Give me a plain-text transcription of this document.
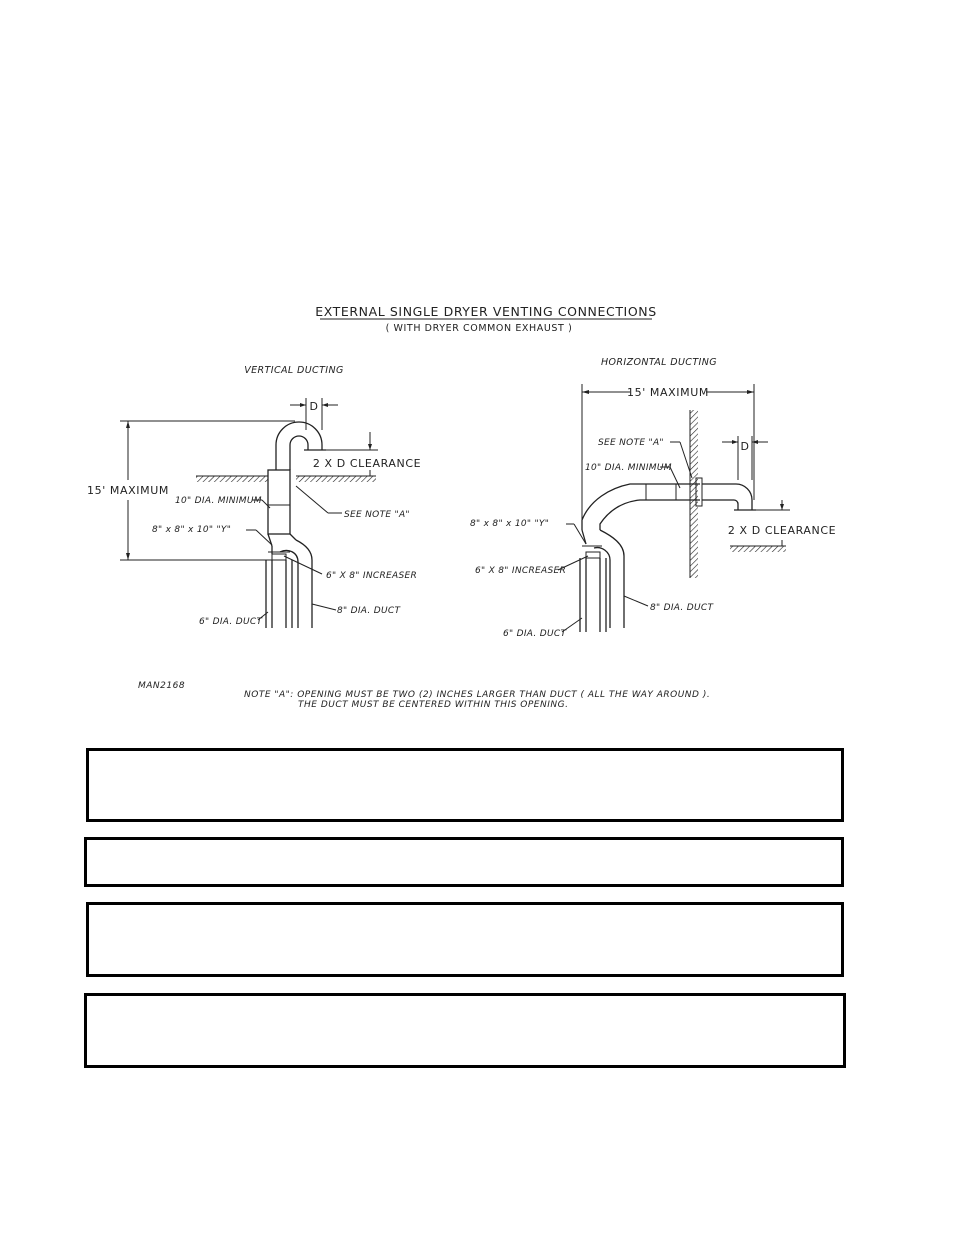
EXTERNAL SINGLE DRYER VENTING CONNECTIONS
( WITH DRYER COMMON EXHAUST )
VERTICAL DUCTING
D
15' MAXIMUM
2 X D CLEARANCE
10" DIA. MINIMUM
SEE NOTE "A"
8" x 8" x 10" "Y"
6" X 8" INCREASER
8" DIA. DUCT
6" DIA. DUCT
HORIZONTAL DUCTING
15' MAXIMUM
D
2 X D CLEARANCE
SEE NOTE "A"
10" DIA. MINIMUM
8" x 8" x 10" "Y"
6" X 8" INCREASER
8" DIA. DUCT
6" DIA. DUCT
MAN2168
NOTE "A": OPENING MUST BE TWO (2) INCHES LARGER THAN DUCT ( ALL THE WAY AROUND ).
THE DUCT MUST BE CENTERED WITHIN THIS OPENING.
